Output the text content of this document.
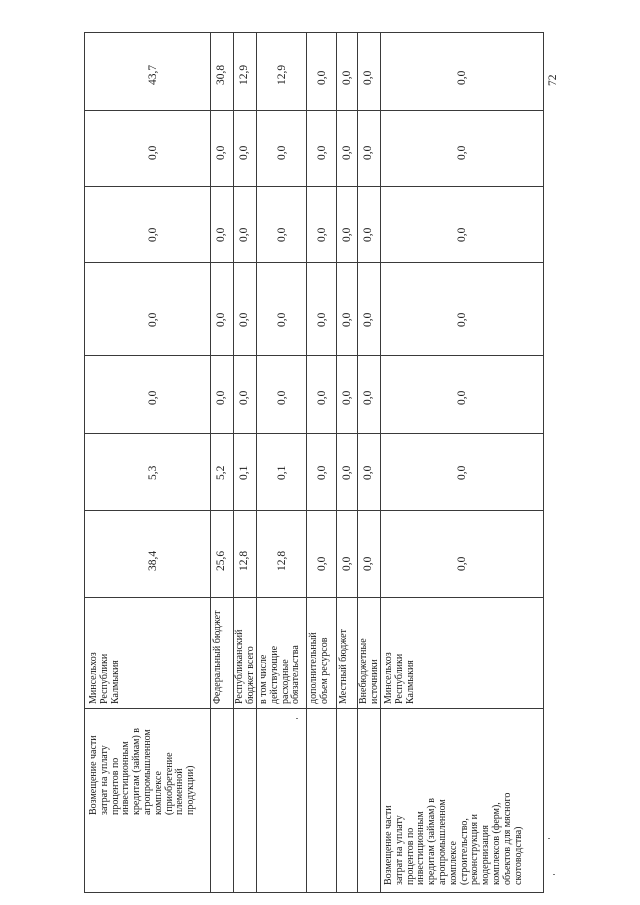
Возмещение части затрат на уплату процентов по инвестиционным кредитам (займам) в агропромышленном комплексе (приобретение племенной продукции)
Минсельхоз Республики Калмыкия
38,4
5,3
0,0
0,0
0,0
0,0
43,7
Федеральный бюджет
25,6
5,2
0,0
0,0
0,0
0,0
30,8
Республиканский бюджет всего
12,8
0,1
0,0
0,0
0,0
0,0
12,9
в том числе действующие расходные обязательства
12,8
0,1
0,0
0,0
0,0
0,0
12,9
дополнительный объем ресурсов
0,0
0,0
0,0
0,0
0,0
0,0
0,0
Местный бюджет
0,0
0,0
0,0
0,0
0,0
0,0
0,0
Внебюджетные источники
0,0
0,0
0,0
0,0
0,0
0,0
0,0
Возмещение части затрат на уплату процентов по инвестиционным кредитам (займам) в агропромышленном комплексе (строительство, реконструкция и модернизация комплексов (ферм), объектов для мясного скотоводства)
Минсельхоз Республики Калмыкия
0,0
0,0
0,0
0,0
0,0
0,0
0,0	72
